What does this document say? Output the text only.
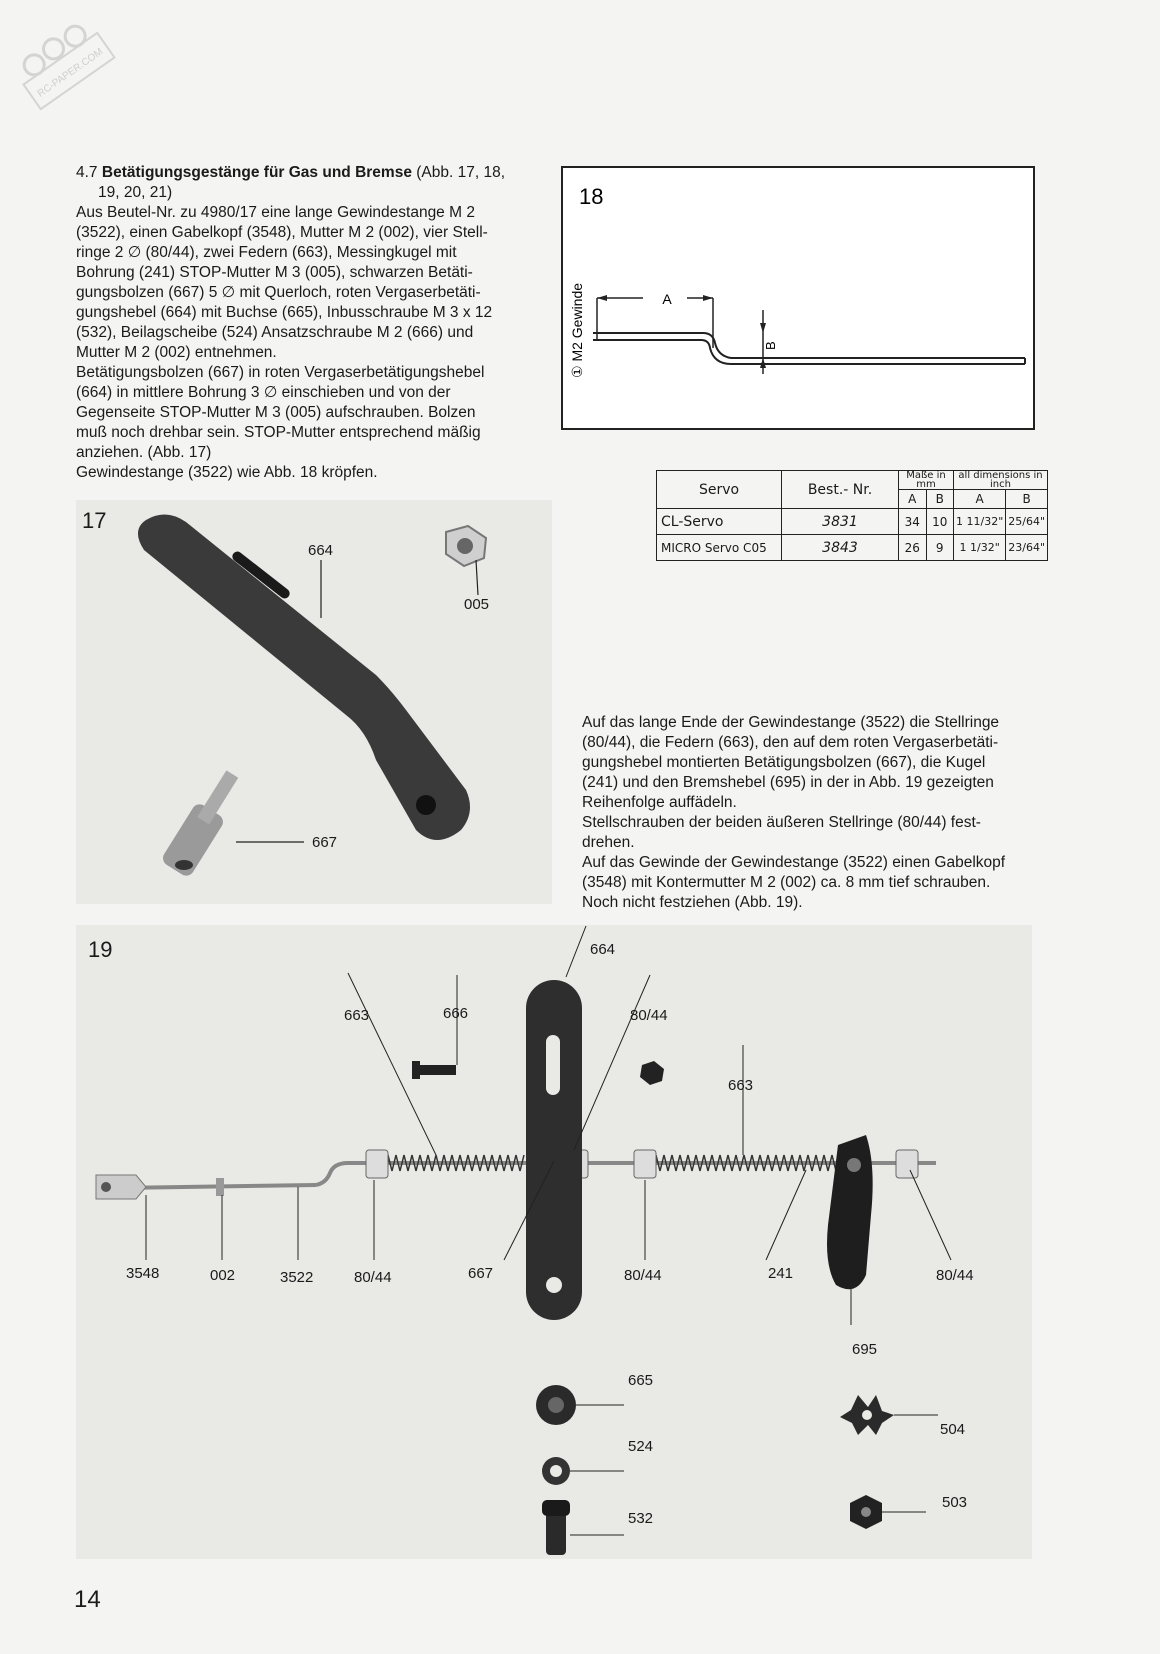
RC-PAPER.COM

4.7 Betätigungsgestänge für Gas und Bremse (Abb. 17, 18,

19, 20, 21)

Aus Beutel-Nr. zu 4980/17 eine lange Gewindestange M 2

(3522), einen Gabelkopf (3548), Mutter M 2 (002), vier Stell-

ringe 2 ∅ (80/44), zwei Federn (663), Messingkugel mit

Bohrung (241) STOP-Mutter M 3 (005), schwarzen Betäti-

gungsbolzen (667) 5 ∅ mit Querloch, roten Vergaserbetäti-

gungshebel (664) mit Buchse (665), Inbusschraube M 3 x 12

(532), Beilagscheibe (524) Ansatzschraube M 2 (666) und

Mutter M 2 (002) entnehmen.

Betätigungsbolzen (667) in roten Vergaserbetätigungshebel

(664) in mittlere Bohrung 3 ∅ einschieben und von der

Gegenseite STOP-Mutter M 3 (005) aufschrauben. Bolzen

muß noch drehbar sein. STOP-Mutter entsprechend mäßig

anziehen. (Abb. 17)

Gewindestange (3522) wie Abb. 18 kröpfen.

18
① M2 Gewinde	A
B
Servo	Best.- Nr.	Maße in mm		all dimensions in inch	
		A	B	A	B
CL-Servo	3831	34	10	1 11/32"	25/64"
MICRO Servo C05	3843	26	9	1 1/32"	23/64"
17
664
005
667

Auf das lange Ende der Gewindestange (3522) die Stellringe

(80/44), die Federn (663), den auf dem roten Vergaserbetäti-

gungshebel montierten Betätigungsbolzen (667), die Kugel

(241) und den Bremshebel (695) in der in Abb. 19 gezeigten

Reihenfolge auffädeln.

Stellschrauben der beiden äußeren Stellringe (80/44) fest-

drehen.

Auf das Gewinde der Gewindestange (3522) einen Gabelkopf

(3548) mit Kontermutter M 2 (002) ca. 8 mm tief schrauben.

Noch nicht festziehen (Abb. 19).

19	664
663	666	80/44
663
3548	002	3522	80/44	667	80/44	241	80/44
695
665
524
532
504
503
14
